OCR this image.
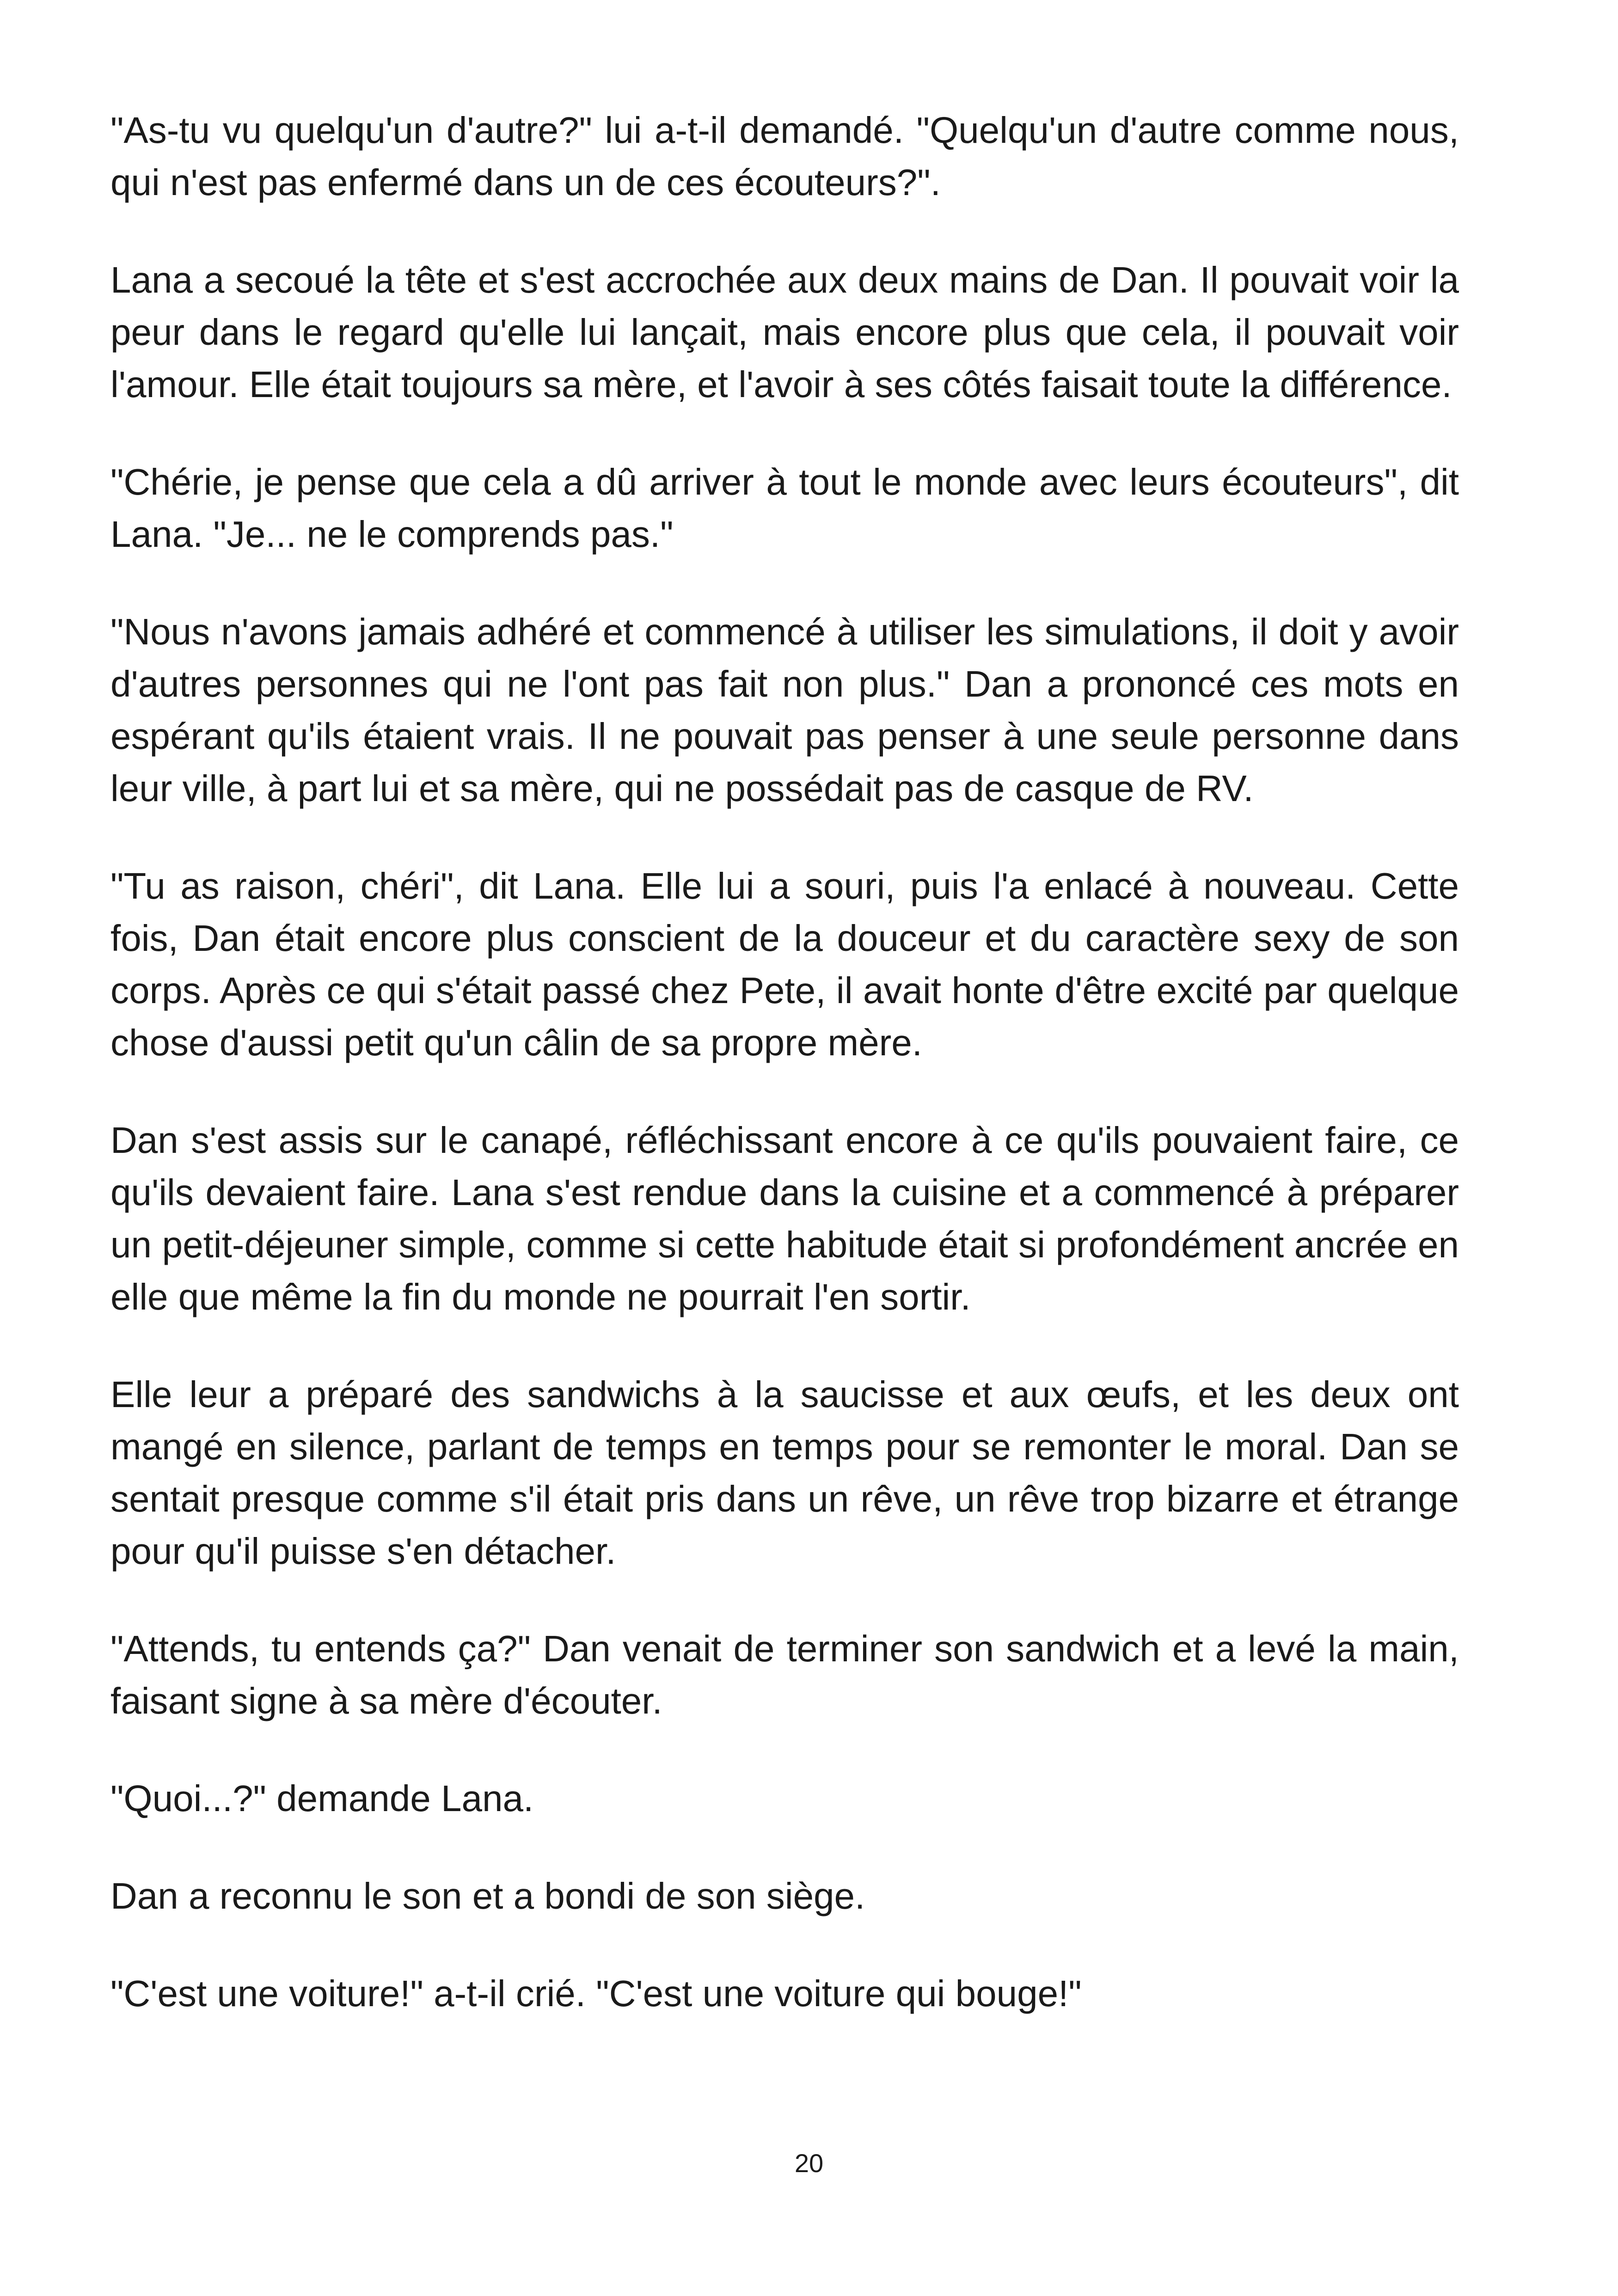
"As-tu vu quelqu'un d'autre?" lui a-t-il demandé. "Quelqu'un d'autre comme nous, qui n'est pas enfermé dans un de ces écouteurs?".

Lana a secoué la tête et s'est accrochée aux deux mains de Dan. Il pouvait voir la peur dans le regard qu'elle lui lançait, mais encore plus que cela, il pouvait voir l'amour. Elle était toujours sa mère, et l'avoir à ses côtés faisait toute la différence.

"Chérie, je pense que cela a dû arriver à tout le monde avec leurs écouteurs", dit Lana. "Je... ne le comprends pas."

"Nous n'avons jamais adhéré et commencé à utiliser les simulations, il doit y avoir d'autres personnes qui ne l'ont pas fait non plus." Dan a prononcé ces mots en espérant qu'ils étaient vrais. Il ne pouvait pas penser à une seule personne dans leur ville, à part lui et sa mère, qui ne possédait pas de casque de RV.

"Tu as raison, chéri", dit Lana. Elle lui a souri, puis l'a enlacé à nouveau. Cette fois, Dan était encore plus conscient de la douceur et du caractère sexy de son corps. Après ce qui s'était passé chez Pete, il avait honte d'être excité par quelque chose d'aussi petit qu'un câlin de sa propre mère.

Dan s'est assis sur le canapé, réfléchissant encore à ce qu'ils pouvaient faire, ce qu'ils devaient faire. Lana s'est rendue dans la cuisine et a commencé à préparer un petit-déjeuner simple, comme si cette habitude était si profondément ancrée en elle que même la fin du monde ne pourrait l'en sortir.

Elle leur a préparé des sandwichs à la saucisse et aux œufs, et les deux ont mangé en silence, parlant de temps en temps pour se remonter le moral. Dan se sentait presque comme s'il était pris dans un rêve, un rêve trop bizarre et étrange pour qu'il puisse s'en détacher.

"Attends, tu entends ça?" Dan venait de terminer son sandwich et a levé la main, faisant signe à sa mère d'écouter.

"Quoi...?" demande Lana.

Dan a reconnu le son et a bondi de son siège.

"C'est une voiture!" a-t-il crié. "C'est une voiture qui bouge!"

20
